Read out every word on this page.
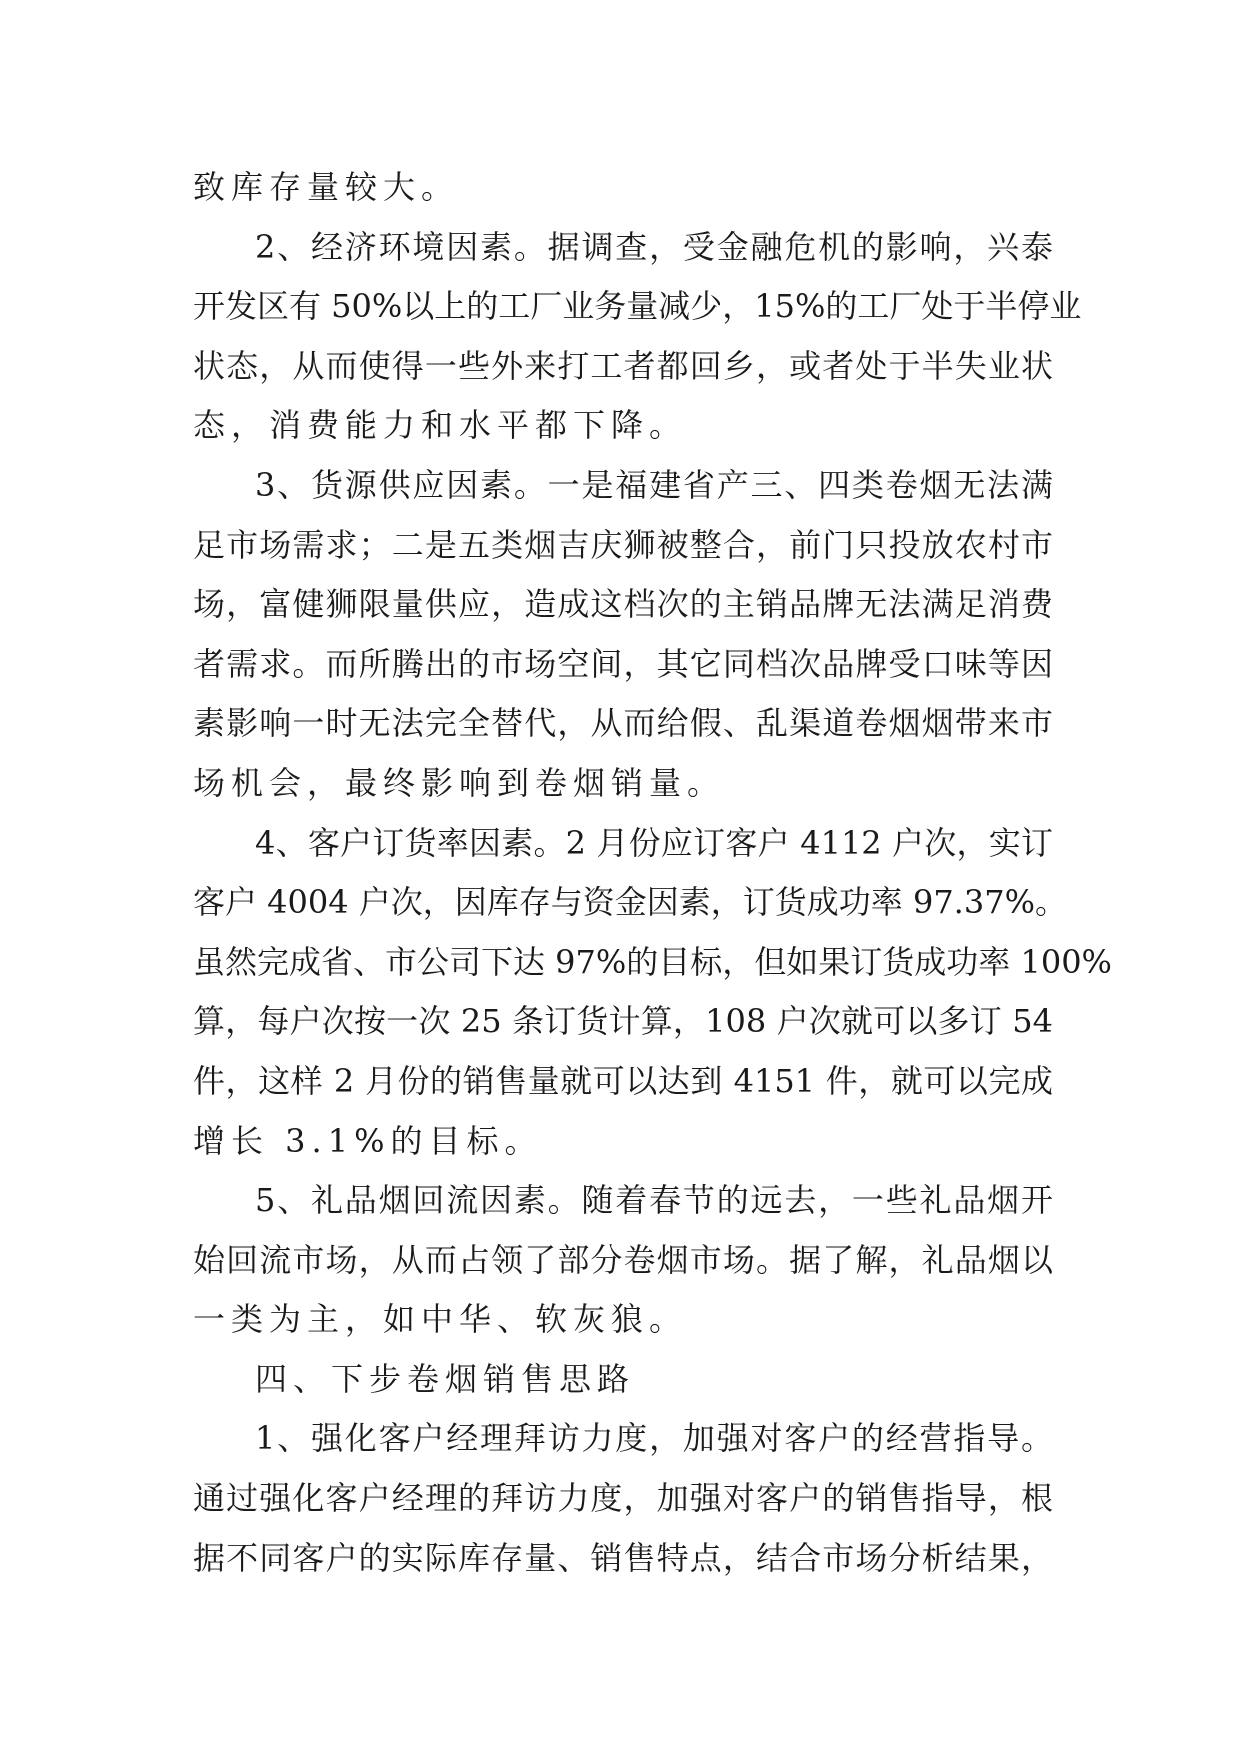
致库存量较大。
2、经济环境因素。据调查，受金融危机的影响，兴泰
开发区有 50%以上的工厂业务量减少，15%的工厂处于半停业
状态，从而使得一些外来打工者都回乡，或者处于半失业状
态，消费能力和水平都下降。
3、货源供应因素。一是福建省产三、四类卷烟无法满
足市场需求；二是五类烟吉庆狮被整合，前门只投放农村市
场，富健狮限量供应，造成这档次的主销品牌无法满足消费
者需求。而所腾出的市场空间，其它同档次品牌受口味等因
素影响一时无法完全替代，从而给假、乱渠道卷烟烟带来市
场机会，最终影响到卷烟销量。
4、客户订货率因素。2 月份应订客户 4112 户次，实订
客户 4004 户次，因库存与资金因素，订货成功率 97.37%。
虽然完成省、市公司下达 97%的目标，但如果订货成功率 100%
算，每户次按一次 25 条订货计算，108 户次就可以多订 54
件，这样 2 月份的销售量就可以达到 4151 件，就可以完成
增长 3.1%的目标。
5、礼品烟回流因素。随着春节的远去，一些礼品烟开
始回流市场，从而占领了部分卷烟市场。据了解，礼品烟以
一类为主，如中华、软灰狼。
四、下步卷烟销售思路
1、强化客户经理拜访力度，加强对客户的经营指导。
通过强化客户经理的拜访力度，加强对客户的销售指导，根
据不同客户的实际库存量、销售特点，结合市场分析结果，
